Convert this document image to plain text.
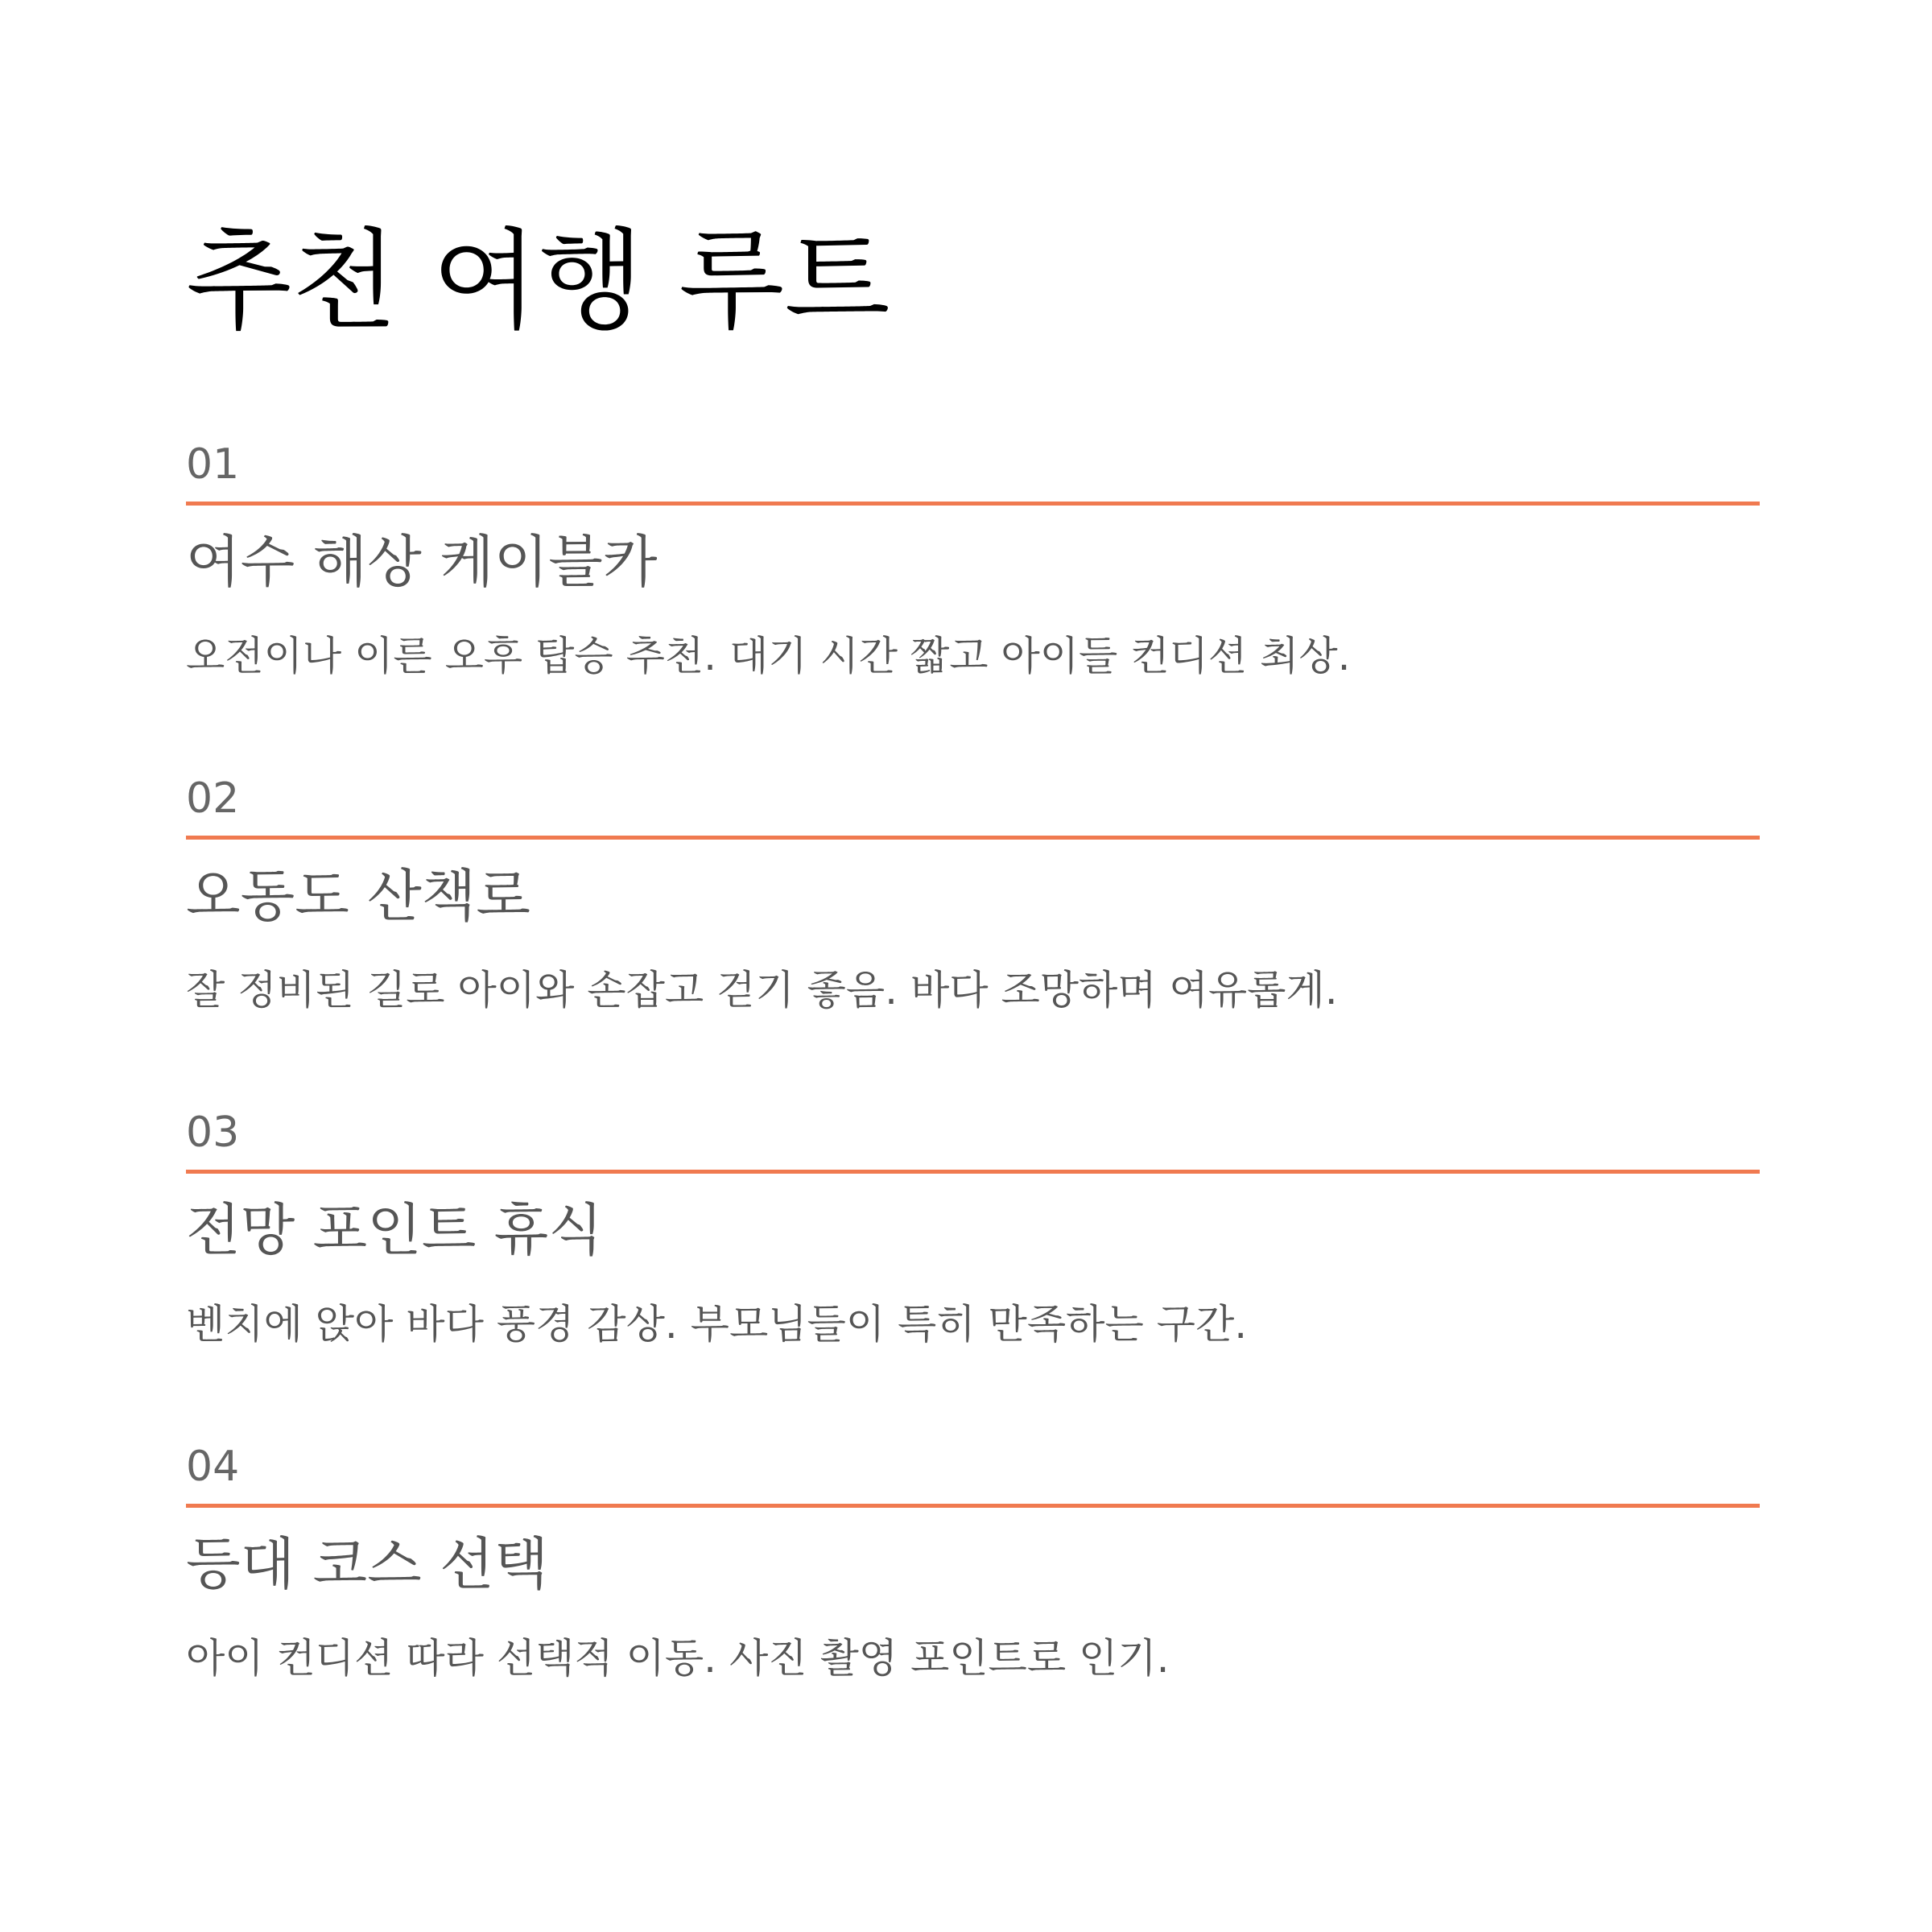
추천 여행 루트
01
여수 해상 케이블카

오전이나 이른 오후 탑승 추천. 대기 시간 짧고 아이들 컨디션 최상.

02
오동도 산책로

잘 정비된 길로 아이와 손잡고 걷기 좋음. 바다 조망하며 여유롭게.

03
전망 포인트 휴식

벤치에 앉아 바다 풍경 감상. 부모님들이 특히 만족하는 구간.

04
등대 코스 선택

아이 컨디션 따라 선택적 이동. 사진 촬영 포인트로 인기.
